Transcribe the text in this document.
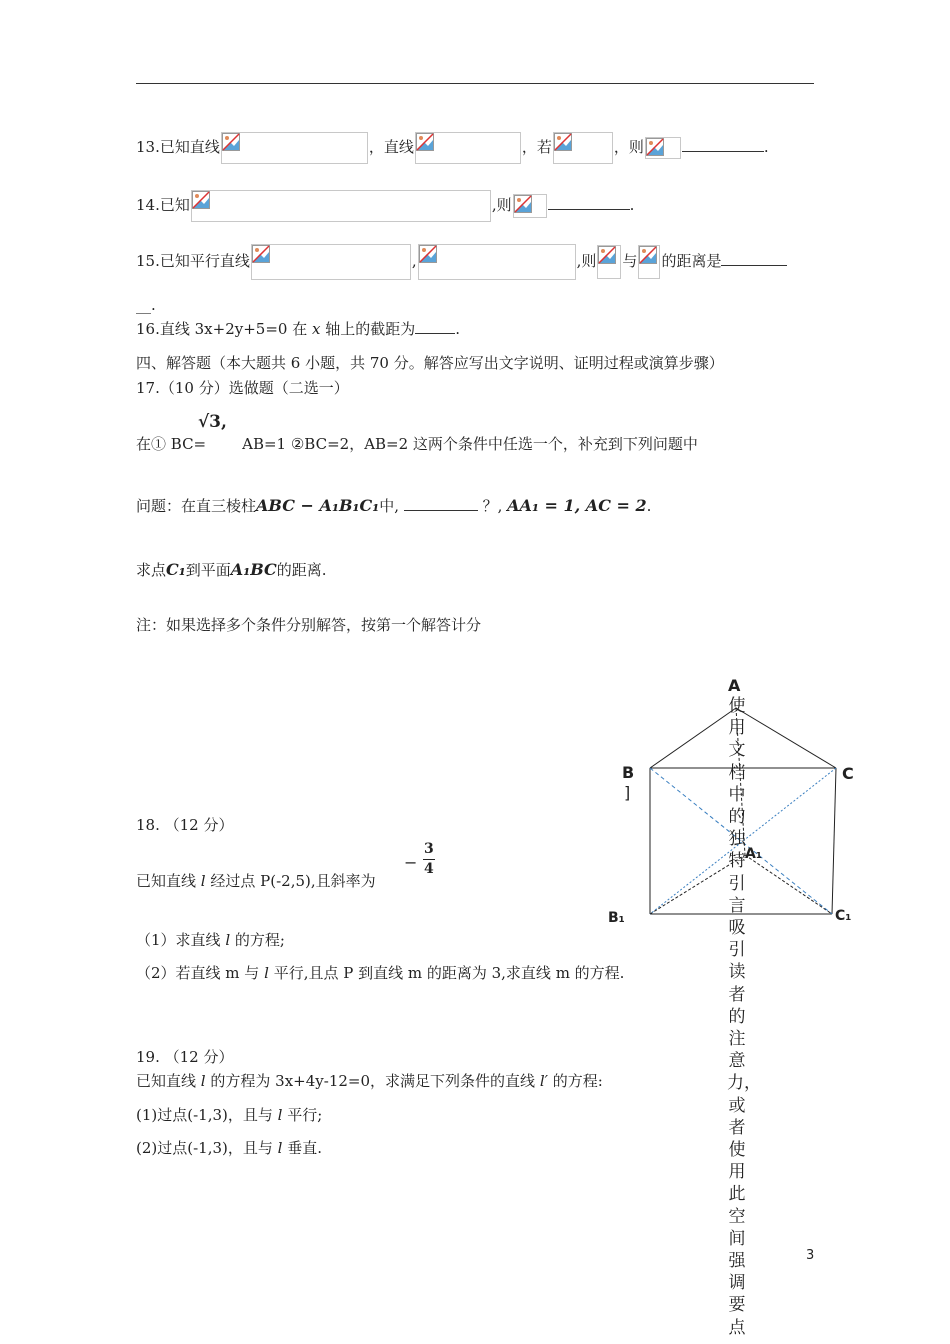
13.已知直线	，直线	，若	，则	.
14.已知	,则	.
15.已知平行直线	,	,则 与 的距离是
__.
16.直线 3x+2y+5=0 在 x 轴上的截距为	.
四、解答题（本大题共 6 小题，共 70 分。解答应写出文字说明、证明过程或演算步骤）
17.（10 分）选做题（二选一）
√3,
在① BC= AB=1 ②BC=2，AB=2 这两个条件中任选一个，补充到下列问题中
问题：在直三棱柱ABC − A₁B₁C₁中,	？, AA₁ = 1, AC = 2.
求点C₁到平面A₁BC的距离.
注：如果选择多个条件分别解答，按第一个解答计分
A
B
]
C
A₁
B₁	C₁
使用文档中的独特引言吸引读者的注意力，或者使用此空间强调要点
18. （12 分）
−
3
4
已知直线 l 经过点 P(-2,5),且斜率为
（1）求直线 l 的方程;
（2）若直线 m 与 l 平行,且点 P 到直线 m 的距离为 3,求直线 m 的方程.
19. （12 分）
已知直线 l 的方程为 3x+4y-12=0，求满足下列条件的直线 l′ 的方程:
(1)过点(-1,3)，且与 l 平行;
(2)过点(-1,3)，且与 l 垂直.
3
